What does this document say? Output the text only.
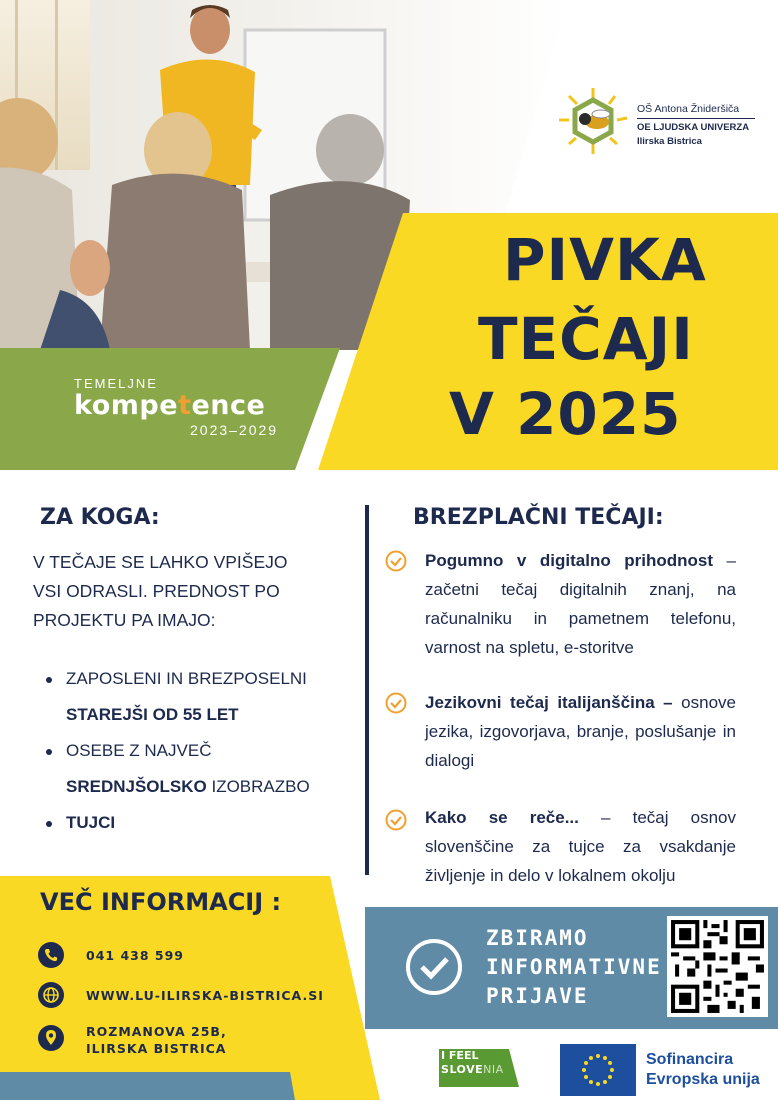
OŠ Antona Žnideršiča
OE LJUDSKA UNIVERZA
Ilirska Bistrica
PIVKA
TEČAJI
V 2025
TEMELJNE
kompetence
2023–2029
ZA KOGA:
V TEČAJE SE LAHKO VPIŠEJO
VSI ODRASLI. PREDNOST PO
PROJEKTU PA IMAJO:
ZAPOSLENI IN BREZPOSELNI
STAREJŠI OD 55 LET
OSEBE Z NAJVEČ
SREDNJŠOLSKO IZOBRAZBO
TUJCI
BREZPLAČNI TEČAJI:
Pogumno v digitalno prihodnost – začetni tečaj digitalnih znanj, na računalniku in pametnem telefonu, varnost na spletu, e-storitve
Jezikovni tečaj italijanščina – osnove jezika, izgovorjava, branje, poslušanje in dialogi
Kako se reče... – tečaj osnov slovenščine za tujce za vsakdanje življenje in delo v lokalnem okolju
VEČ INFORMACIJ :
041 438 599
WWW.LU-ILIRSKA-BISTRICA.SI
ROZMANOVA 25B,
ILIRSKA BISTRICA
ZBIRAMO
INFORMATIVNE
PRIJAVE
I FEEL
SLOVENIA
Sofinancira
Evropska unija
